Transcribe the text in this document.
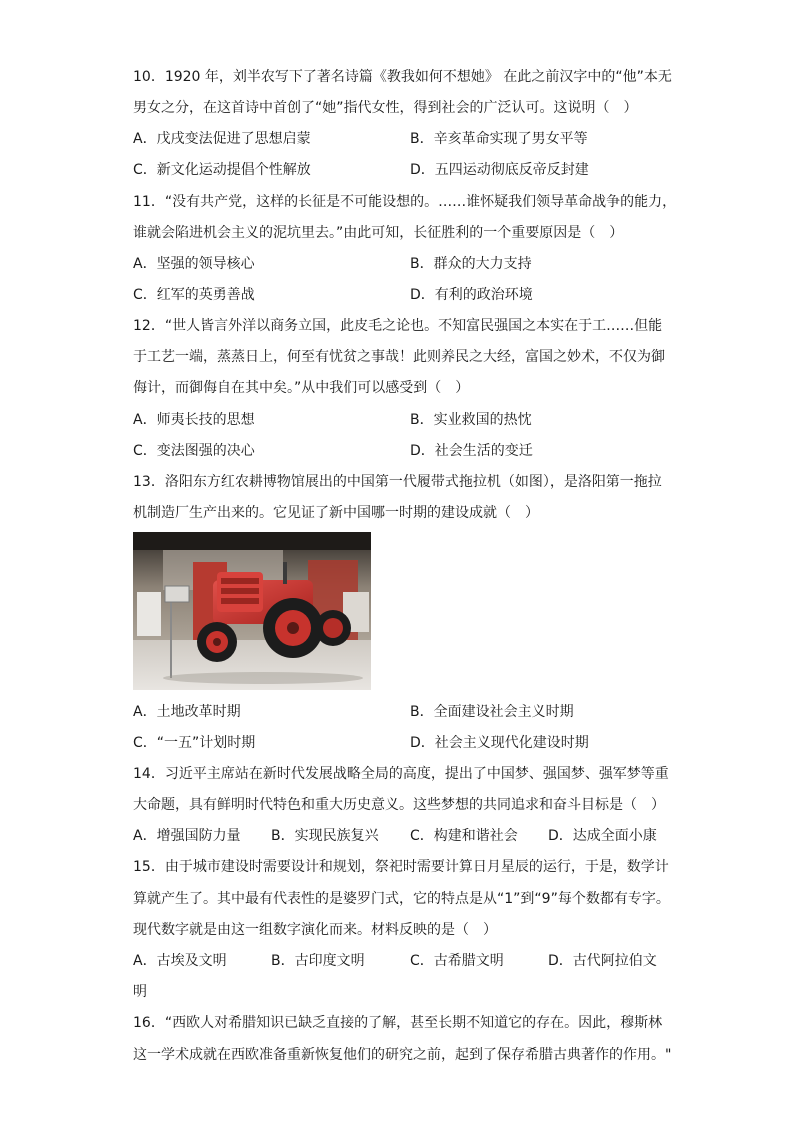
10．1920 年，刘半农写下了著名诗篇《教我如何不想她》 在此之前汉字中的“他”本无
男女之分，在这首诗中首创了“她”指代女性，得到社会的广泛认可。这说明（　）
A．戊戌变法促进了思想启蒙	B．辛亥革命实现了男女平等
C．新文化运动提倡个性解放	D．五四运动彻底反帝反封建
11．“没有共产党，这样的长征是不可能设想的。……谁怀疑我们领导革命战争的能力，
谁就会陷进机会主义的泥坑里去。”由此可知，长征胜利的一个重要原因是（　）
A．坚强的领导核心	B．群众的大力支持
C．红军的英勇善战	D．有利的政治环境
12．“世人皆言外洋以商务立国，此皮毛之论也。不知富民强国之本实在于工……但能
于工艺一端，蒸蒸日上，何至有忧贫之事哉！此则养民之大经，富国之妙术，不仅为御
侮计，而御侮自在其中矣。”从中我们可以感受到（　）
A．师夷长技的思想	B．实业救国的热忱
C．变法图强的决心	D．社会生活的变迁
13．洛阳东方红农耕博物馆展出的中国第一代履带式拖拉机（如图），是洛阳第一拖拉
机制造厂生产出来的。它见证了新中国哪一时期的建设成就（　）
A．土地改革时期	B．全面建设社会主义时期
C．“一五”计划时期	D．社会主义现代化建设时期
14．习近平主席站在新时代发展战略全局的高度，提出了中国梦、强国梦、强军梦等重
大命题，具有鲜明时代特色和重大历史意义。这些梦想的共同追求和奋斗目标是（　）
A．增强国防力量 B．实现民族复兴 C．构建和谐社会 D．达成全面小康
15．由于城市建设时需要设计和规划，祭祀时需要计算日月星辰的运行，于是，数学计
算就产生了。其中最有代表性的是婆罗门式，它的特点是从“1”到“9”每个数都有专字。
现代数字就是由这一组数字演化而来。材料反映的是（　）
A．古埃及文明	B．古印度文明	C．古希腊文明	D．古代阿拉伯文
明
16．“西欧人对希腊知识已缺乏直接的了解，甚至长期不知道它的存在。因此，穆斯林
这一学术成就在西欧准备重新恢复他们的研究之前，起到了保存希腊古典著作的作用。"
